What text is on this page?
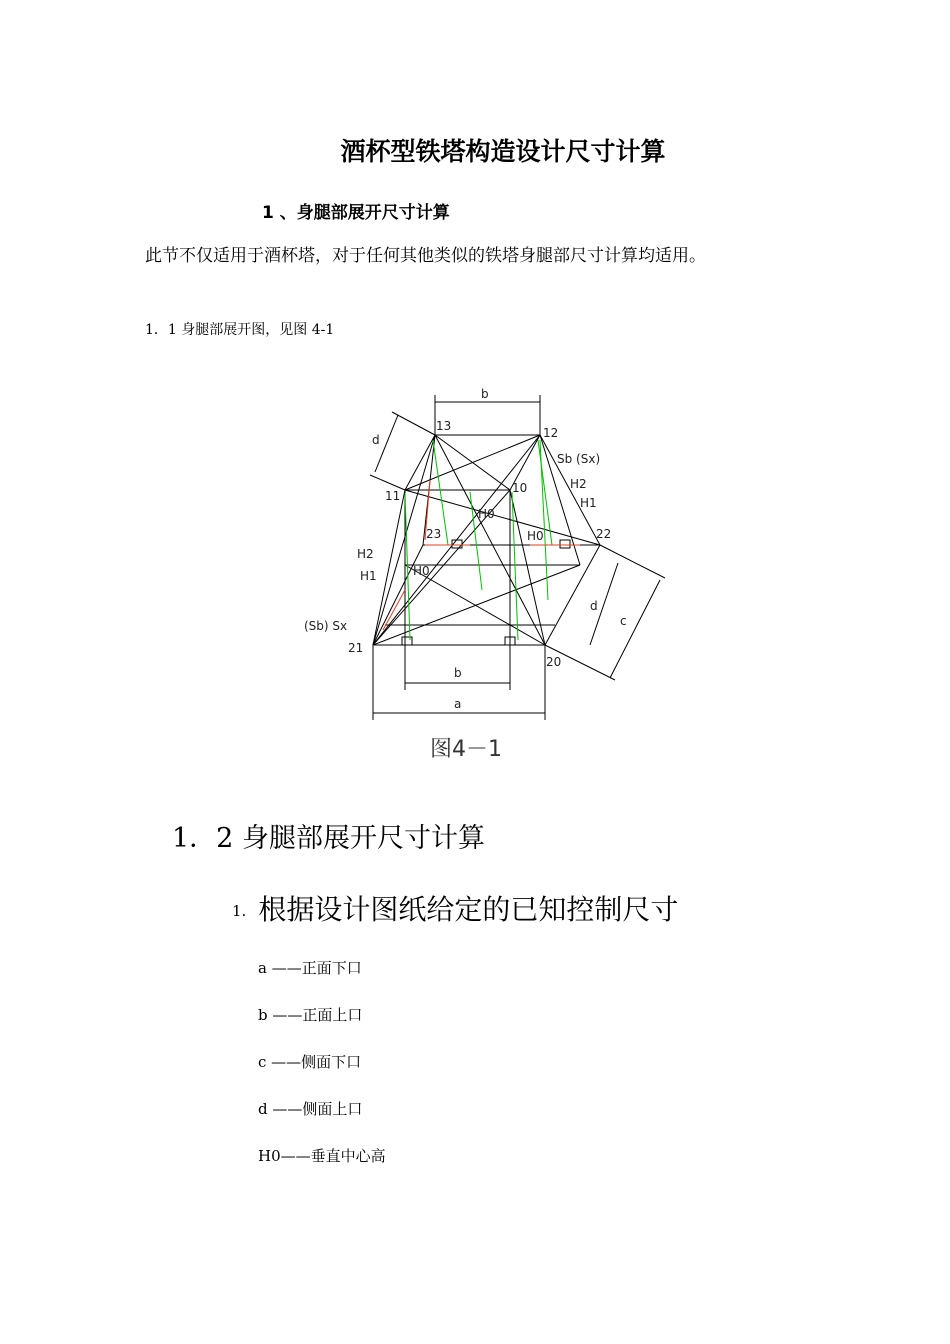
酒杯型铁塔构造设计尺寸计算
1 、身腿部展开尺寸计算
此节不仅适用于酒杯塔，对于任何其他类似的铁塔身腿部尺寸计算均适用。
1．1 身腿部展开图，见图 4-1
b
d
13	12
Sb (Sx)
H2
H1
11
10
H0
23	H0	22
H2
H1	H0
(Sb) Sx
21
20
d
c
b
a
图4－1
1．2 身腿部展开尺寸计算
1. 根据设计图纸给定的已知控制尺寸
a ——正面下口
b ——正面上口
c ——侧面下口
d ——侧面上口
H0——垂直中心高
